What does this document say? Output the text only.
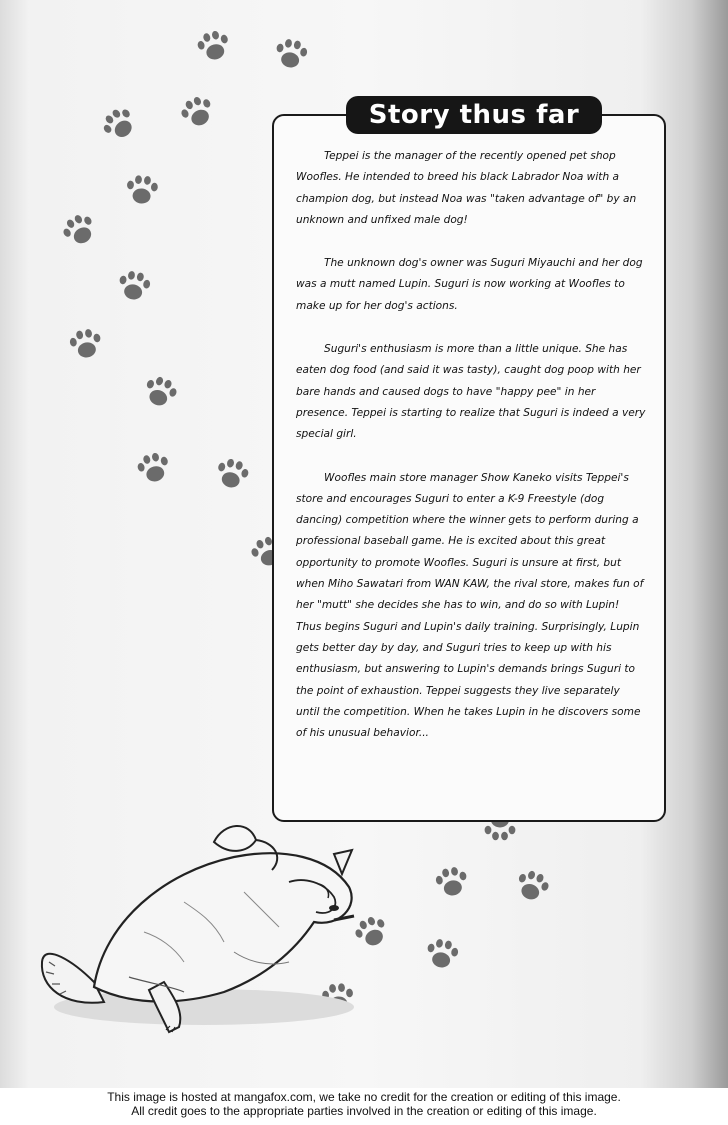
Story thus far

Teppei is the manager of the recently opened pet shop Woofles. He intended to breed his black Labrador Noa with a champion dog, but instead Noa was "taken advantage of" by an unknown and unfixed male dog!

The unknown dog's owner was Suguri Miyauchi and her dog was a mutt named Lupin. Suguri is now working at Woofles to make up for her dog's actions.

Suguri's enthusiasm is more than a little unique. She has eaten dog food (and said it was tasty), caught dog poop with her bare hands and caused dogs to have "happy pee" in her presence. Teppei is starting to realize that Suguri is indeed a very special girl.

Woofles main store manager Show Kaneko visits Teppei's store and encourages Suguri to enter a K-9 Freestyle (dog dancing) competition where the winner gets to perform during a professional baseball game. He is excited about this great opportunity to promote Woofles. Suguri is unsure at first, but when Miho Sawatari from WAN KAW, the rival store, makes fun of her "mutt" she decides she has to win, and do so with Lupin! Thus begins Suguri and Lupin's daily training. Surprisingly, Lupin gets better day by day, and Suguri tries to keep up with his enthusiasm, but answering to Lupin's demands brings Suguri to the point of exhaustion. Teppei suggests they live separately until the competition. When he takes Lupin in he discovers some of his unusual behavior...

This image is hosted at mangafox.com, we take no credit for the creation or editing of this image.
All credit goes to the appropriate parties involved in the creation or editing of this image.
